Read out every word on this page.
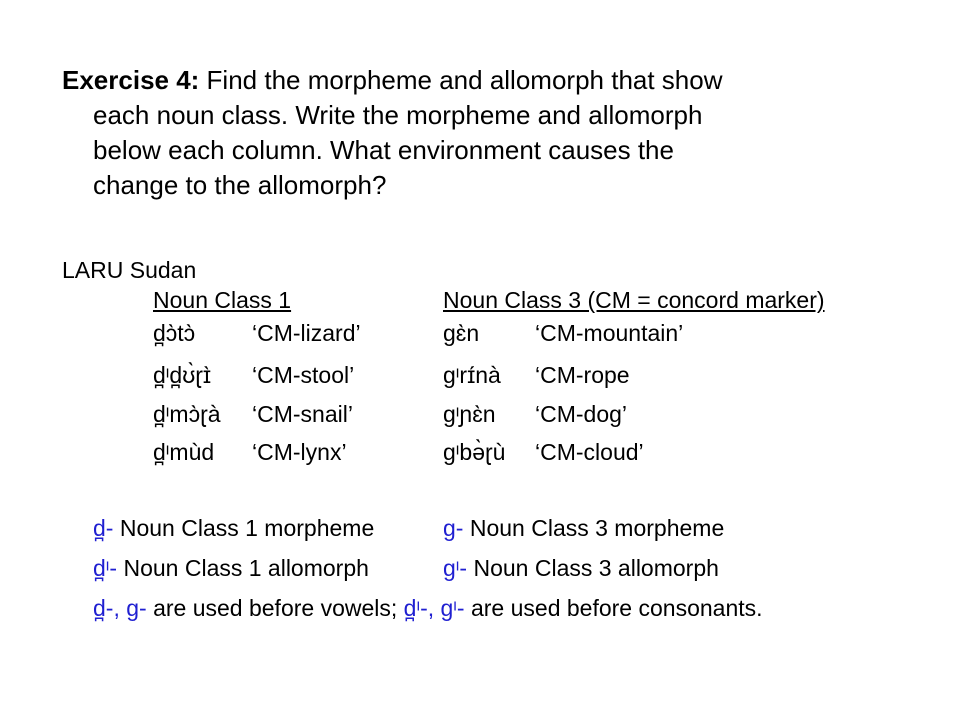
Exercise 4: Find the morpheme and allomorph that show
each noun class. Write the morpheme and allomorph
below each column. What environment causes the
change to the allomorph?
LARU Sudan
Noun Class 1	Noun Class 3 (CM = concord marker)
d̪ɔ̀tɔ̀ ‘CM-lizard’	gɛ̀n ‘CM-mountain’
d̪ᶦd̪ʊ̀ɽɪ̀ ‘CM-stool’	gᶦrɪ́nà ‘CM-rope
d̪ᶦmɔ̀ɽà ‘CM-snail’	gᶦɲɛ̀n ‘CM-dog’
d̪ᶦmùd ‘CM-lynx’	gᶦbə̀ɽù ‘CM-cloud’
d̪- Noun Class 1 morpheme	g- Noun Class 3 morpheme
d̪ᶦ- Noun Class 1 allomorph	gᶦ- Noun Class 3 allomorph
d̪-, g- are used before vowels; d̪ᶦ-, gᶦ- are used before consonants.
